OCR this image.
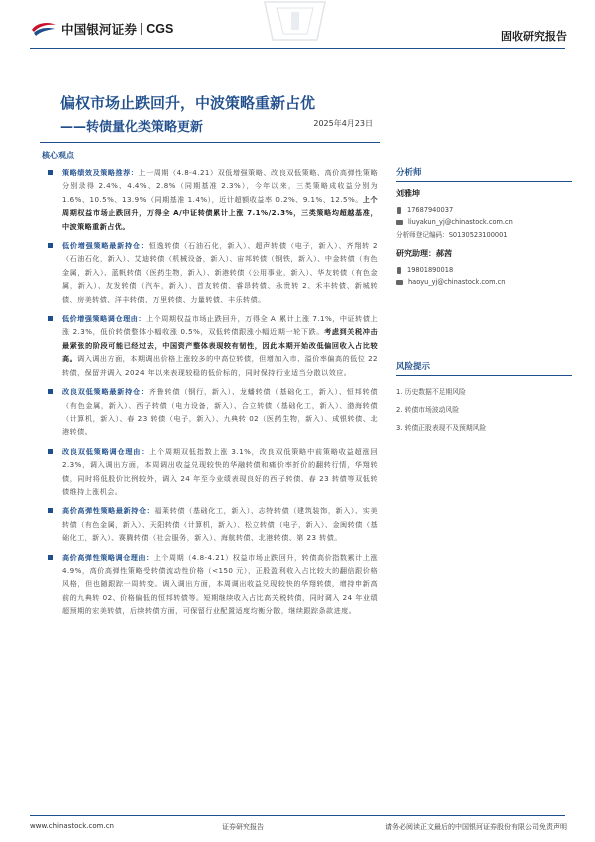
中国银河证券 CGS
固收研究报告
偏权市场止跌回升，中波策略重新占优
——转债量化类策略更新	2025年4月23日
核心观点

策略绩效及策略推荐：上一周期（4.8-4.21）双低增强策略、改良双低策略、高价高弹性策略分别录得 2.4%、4.4%、2.8%（同期基准 2.3%），今年以来，三类策略成收益分别为 1.6%、10.5%、13.9%（同期基准 1.4%），近计超额收益率 0.2%、9.1%、12.5%。上个周期权益市场止跌回升，万得全 A/中证转债累计上涨 7.1%/2.3%，三类策略均超越基准，中波策略重新占优。

低价增强策略最新持仓：恒逸转债（石油石化，新入）、超声转债（电子，新入）、齐翔转 2（石油石化，新入）、艾迪转债（机械设备，新入）、宙邦转债（钢铁，新入）、中金转债（有色金属，新入）、蓝帆转债（医药生物，新入）、新港转债（公用事业，新入）、华友转债（有色金属，新入）、友发转债（汽车，新入）、首友转债、睿昂转债、永贵转 2、禾丰转债、新城转债、房美转债、洋丰转债、万里转债、力量转债、丰乐转债。

低价增强策略调仓理由：上个周期权益市场止跌回升，万得全 A 累计上涨 7.1%，中证转债上涨 2.3%，低价转债整体小幅收涨 0.5%，双低转债跟涨小幅近期一轮下跌。考虑到关税冲击最紧张的阶段可能已经过去，中国资产整体表现较有韧性，因此本期开始改低偏回收入占比较高。调入调出方面，本期调出价格上涨较多的中高位转债，但增加入市、溢价率偏高的低位 22 转债，保留并调入 2024 年以来表现较稳的低价标的，同时保持行业适当分散以效应。

改良双低策略最新持仓：齐鲁转债（钢行，新入）、龙蟠转债（基础化工，新入）、恒邦转债（有色金属，新入）、西子转债（电力设备，新入）、合立转债（基础化工，新入）、渤海转债（计算机，新入）、春 23 转债（电子，新入）、九典转 02（医药生物，新入）、成银转债、北港转债。

改良双低策略调仓理由：上个周期双低指数上涨 3.1%，改良双低策略中前策略收益超涨回 2.3%，调入调出方面，本周调出收益兑现较快的华融转债和痛价率折价的翻转行情，华翔转债，同时将低股价比例较外，调入 24 年至今业绩表现良好的西子转债、春 23 转债等双低转债维持上涨机会。

高价高弹性策略最新持仓：福莱转债（基础化工，新入）、志特转债（建筑装饰，新入）、实美转债（有色金属，新入）、天阳转债（计算机，新入）、松立转债（电子，新入）、金闽转债（基础化工，新入）、赛腾转债（社会服务，新入）、海航转债、北港转债、第 23 转债。

高价高弹性策略调仓理由：上个周期（4.8-4.21）权益市场止跌回升，转债高价指数累计上涨 4.9%，高价高弹性策略受转债流动性价格（<150 元），正股盈利收入占比较大的翻倍跟价格风格，但也随跟踪一周转变。调入调出方面，本周调出收益兑现较快的华翔转债，增持申新高前的九典转 02、价格偏低的恒邦转债等。短期继续收入占比高关税转债，同时调入 24 年业绩超预期的宏美转债，后续转债方面，可保留行业配置适度均衡分散，继续跟踪条款进度。

分析师
刘雅坤
17687940037
liuyakun_yj@chinastock.com.cn
分析师登记编码：S0130523100001
研究助理：郝茜
19801890018
haoyu_yj@chinastock.com.cn
风险提示
1. 历史数据不足期风险
2. 转债市场波动风险
3. 转债正股表现不及预期风险
www.chinastock.com.cn	证券研究报告	请务必阅读正文最后的中国银河证券股份有限公司免责声明
